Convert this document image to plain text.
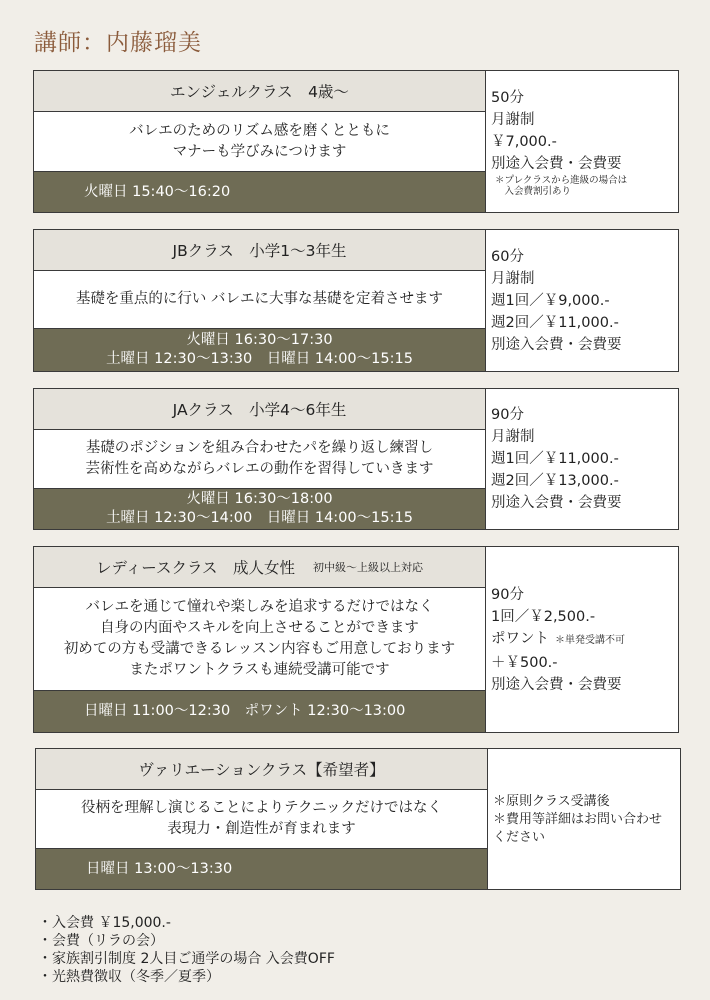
講師：内藤瑠美
エンジェルクラス　4歳〜
バレエのためのリズム感を磨くとともに
マナーも学びみにつけます
火曜日 15:40〜16:20
50分
月謝制
￥7,000.-
別途入会費・会費要
＊プレクラスから進級の場合は
　入会費割引あり
JBクラス　小学1〜3年生
基礎を重点的に行い バレエに大事な基礎を定着させます
火曜日 16:30〜17:30
土曜日 12:30〜13:30　日曜日 14:00〜15:15
60分
月謝制
週1回／￥9,000.-
週2回／￥11,000.-
別途入会費・会費要
JAクラス　小学4〜6年生
基礎のポジションを組み合わせたパを繰り返し練習し
芸術性を高めながらバレエの動作を習得していきます
火曜日 16:30〜18:00
土曜日 12:30〜14:00　日曜日 14:00〜15:15
90分
月謝制
週1回／￥11,000.-
週2回／￥13,000.-
別途入会費・会費要
レディースクラス　成人女性 初中級〜上級以上対応
バレエを通じて憧れや楽しみを追求するだけではなく
自身の内面やスキルを向上させることができます
初めての方も受講できるレッスン内容もご用意しております
またポワントクラスも連続受講可能です
日曜日 11:00〜12:30　ポワント 12:30〜13:00
90分
1回／￥2,500.-
ポワント ＊単発受講不可
＋￥500.-
別途入会費・会費要
ヴァリエーションクラス【希望者】
役柄を理解し演じることによりテクニックだけではなく
表現力・創造性が育まれます
日曜日 13:00〜13:30
＊原則クラス受講後
＊費用等詳細はお問い合わせ
ください
・入会費 ￥15,000.-
・会費（リラの会）
・家族割引制度 2人目ご通学の場合 入会費OFF
・光熱費徴収（冬季／夏季）
